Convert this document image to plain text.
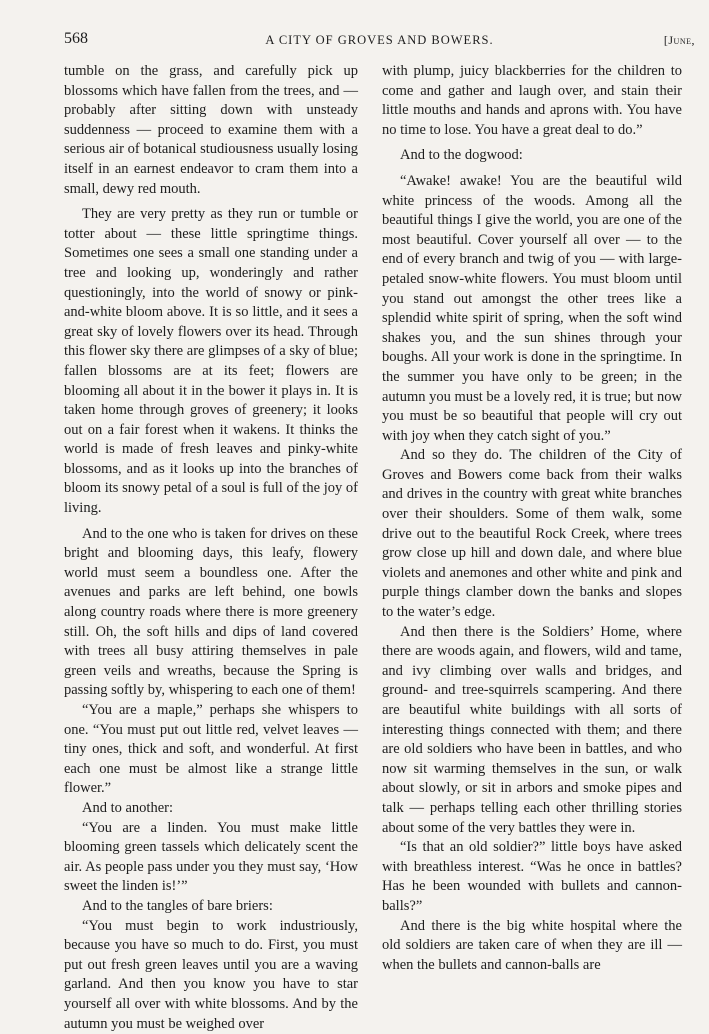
568	A CITY OF GROVES AND BOWERS.	[June,

tumble on the grass, and carefully pick up blossoms which have fallen from the trees, and — probably after sitting down with unsteady suddenness — proceed to examine them with a serious air of botanical studiousness usually losing itself in an earnest endeavor to cram them into a small, dewy red mouth.

They are very pretty as they run or tumble or totter about — these little springtime things. Sometimes one sees a small one standing under a tree and looking up, wonderingly and rather questioningly, into the world of snowy or pink-and-white bloom above. It is so little, and it sees a great sky of lovely flowers over its head. Through this flower sky there are glimpses of a sky of blue; fallen blossoms are at its feet; flowers are blooming all about it in the bower it plays in. It is taken home through groves of greenery; it looks out on a fair forest when it wakens. It thinks the world is made of fresh leaves and pinky-white blossoms, and as it looks up into the branches of bloom its snowy petal of a soul is full of the joy of living.

And to the one who is taken for drives on these bright and blooming days, this leafy, flowery world must seem a boundless one. After the avenues and parks are left behind, one bowls along country roads where there is more greenery still. Oh, the soft hills and dips of land covered with trees all busy attiring themselves in pale green veils and wreaths, because the Spring is passing softly by, whispering to each one of them!

“You are a maple,” perhaps she whispers to one. “You must put out little red, velvet leaves — tiny ones, thick and soft, and wonderful. At first each one must be almost like a strange little flower.”

And to another:

“You are a linden. You must make little blooming green tassels which delicately scent the air. As people pass under you they must say, ‘How sweet the linden is!’”

And to the tangles of bare briers:

“You must begin to work industriously, because you have so much to do. First, you must put out fresh green leaves until you are a waving garland. And then you know you have to star yourself all over with white blossoms. And by the autumn you must be weighed over

with plump, juicy blackberries for the children to come and gather and laugh over, and stain their little mouths and hands and aprons with. You have no time to lose. You have a great deal to do.”

And to the dogwood:

“Awake! awake! You are the beautiful wild white princess of the woods. Among all the beautiful things I give the world, you are one of the most beautiful. Cover yourself all over — to the end of every branch and twig of you — with large-petaled snow-white flowers. You must bloom until you stand out amongst the other trees like a splendid white spirit of spring, when the soft wind shakes you, and the sun shines through your boughs. All your work is done in the springtime. In the summer you have only to be green; in the autumn you must be a lovely red, it is true; but now you must be so beautiful that people will cry out with joy when they catch sight of you.”

And so they do. The children of the City of Groves and Bowers come back from their walks and drives in the country with great white branches over their shoulders. Some of them walk, some drive out to the beautiful Rock Creek, where trees grow close up hill and down dale, and where blue violets and anemones and other white and pink and purple things clamber down the banks and slopes to the water’s edge.

And then there is the Soldiers’ Home, where there are woods again, and flowers, wild and tame, and ivy climbing over walls and bridges, and ground- and tree-squirrels scampering. And there are beautiful white buildings with all sorts of interesting things connected with them; and there are old soldiers who have been in battles, and who now sit warming themselves in the sun, or walk about slowly, or sit in arbors and smoke pipes and talk — perhaps telling each other thrilling stories about some of the very battles they were in.

“Is that an old soldier?” little boys have asked with breathless interest. “Was he once in battles? Has he been wounded with bullets and cannon-balls?”

And there is the big white hospital where the old soldiers are taken care of when they are ill — when the bullets and cannon-balls are
